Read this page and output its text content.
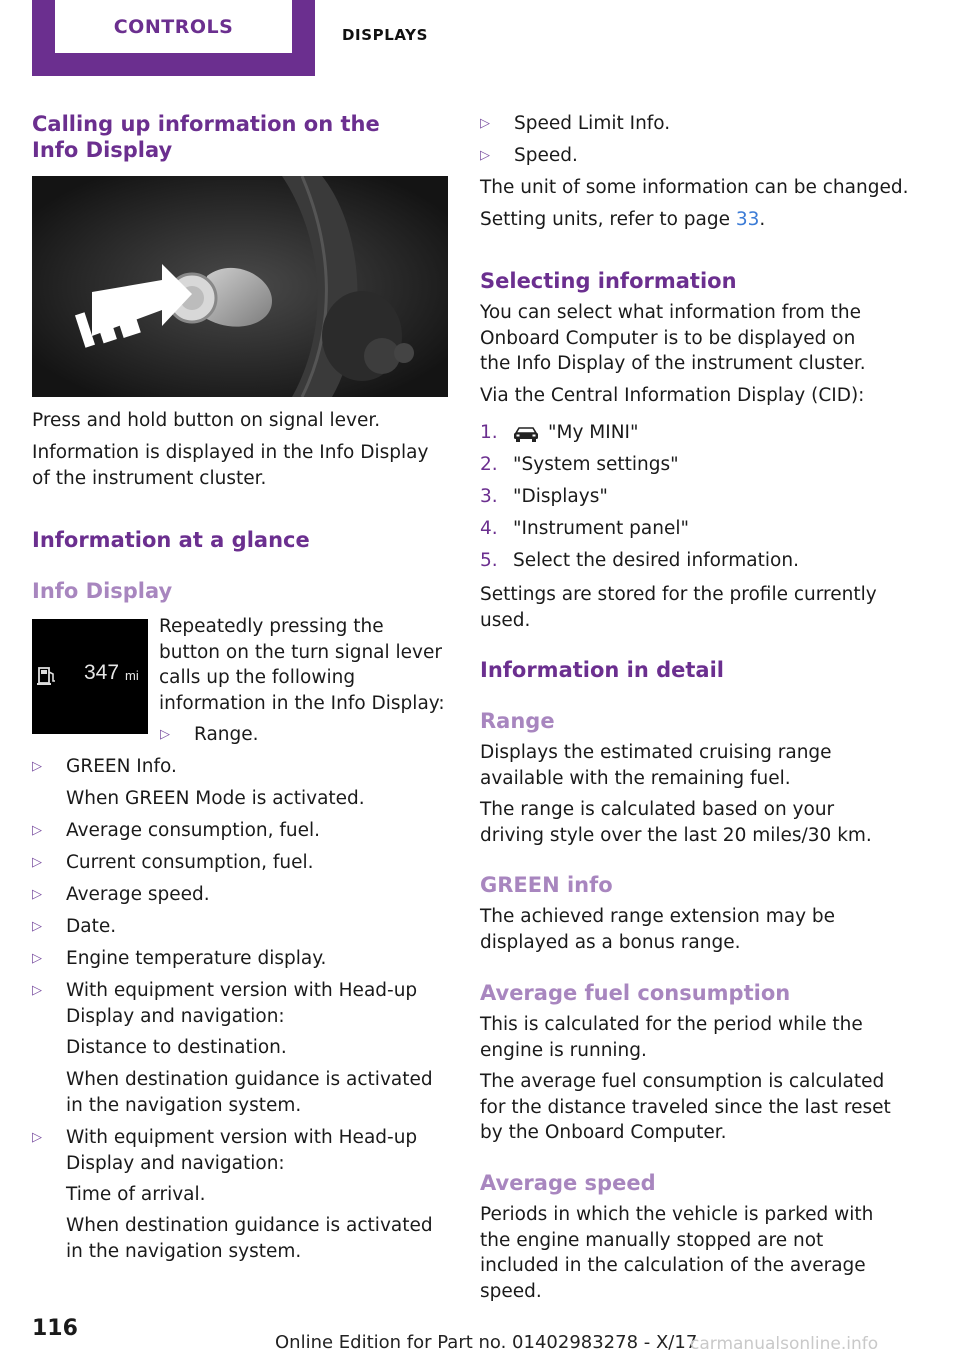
CONTROLS	DISPLAYS
Calling up information on the Info Display

Press and hold button on signal lever.

Information is displayed in the Info Display of the instrument cluster.

Information at a glance
Info Display
347 mi

Repeatedly pressing the button on the turn signal lever calls up the following information in the Info Display:

▷ Range.
▷ GREEN Info.

When GREEN Mode is activated.

▷ Average consumption, fuel.
▷ Current consumption, fuel.
▷ Average speed.
▷ Date.
▷ Engine temperature display.
▷ With equipment version with Head-up Display and navigation:

Distance to destination.

When destination guidance is activated in the navigation system.

▷ With equipment version with Head-up Display and navigation:

Time of arrival.

When destination guidance is activated in the navigation system.

▷ Speed Limit Info.
▷ Speed.

The unit of some information can be changed.

Setting units, refer to page 33.

Selecting information

You can select what information from the Onboard Computer is to be displayed on the Info Display of the instrument cluster.

Via the Central Information Display (CID):

1.	"My MINI"
2. "System settings"
3. "Displays"
4. "Instrument panel"
5. Select the desired information.

Settings are stored for the profile currently used.

Information in detail
Range

Displays the estimated cruising range available with the remaining fuel.

The range is calculated based on your driving style over the last 20 miles/30 km.

GREEN info

The achieved range extension may be displayed as a bonus range.

Average fuel consumption

This is calculated for the period while the engine is running.

The average fuel consumption is calculated for the distance traveled since the last reset by the Onboard Computer.

Average speed

Periods in which the vehicle is parked with the engine manually stopped are not included in the calculation of the average speed.

116
Online Edition for Part no. 01402983278 - X/17
carmanualsonline.info
